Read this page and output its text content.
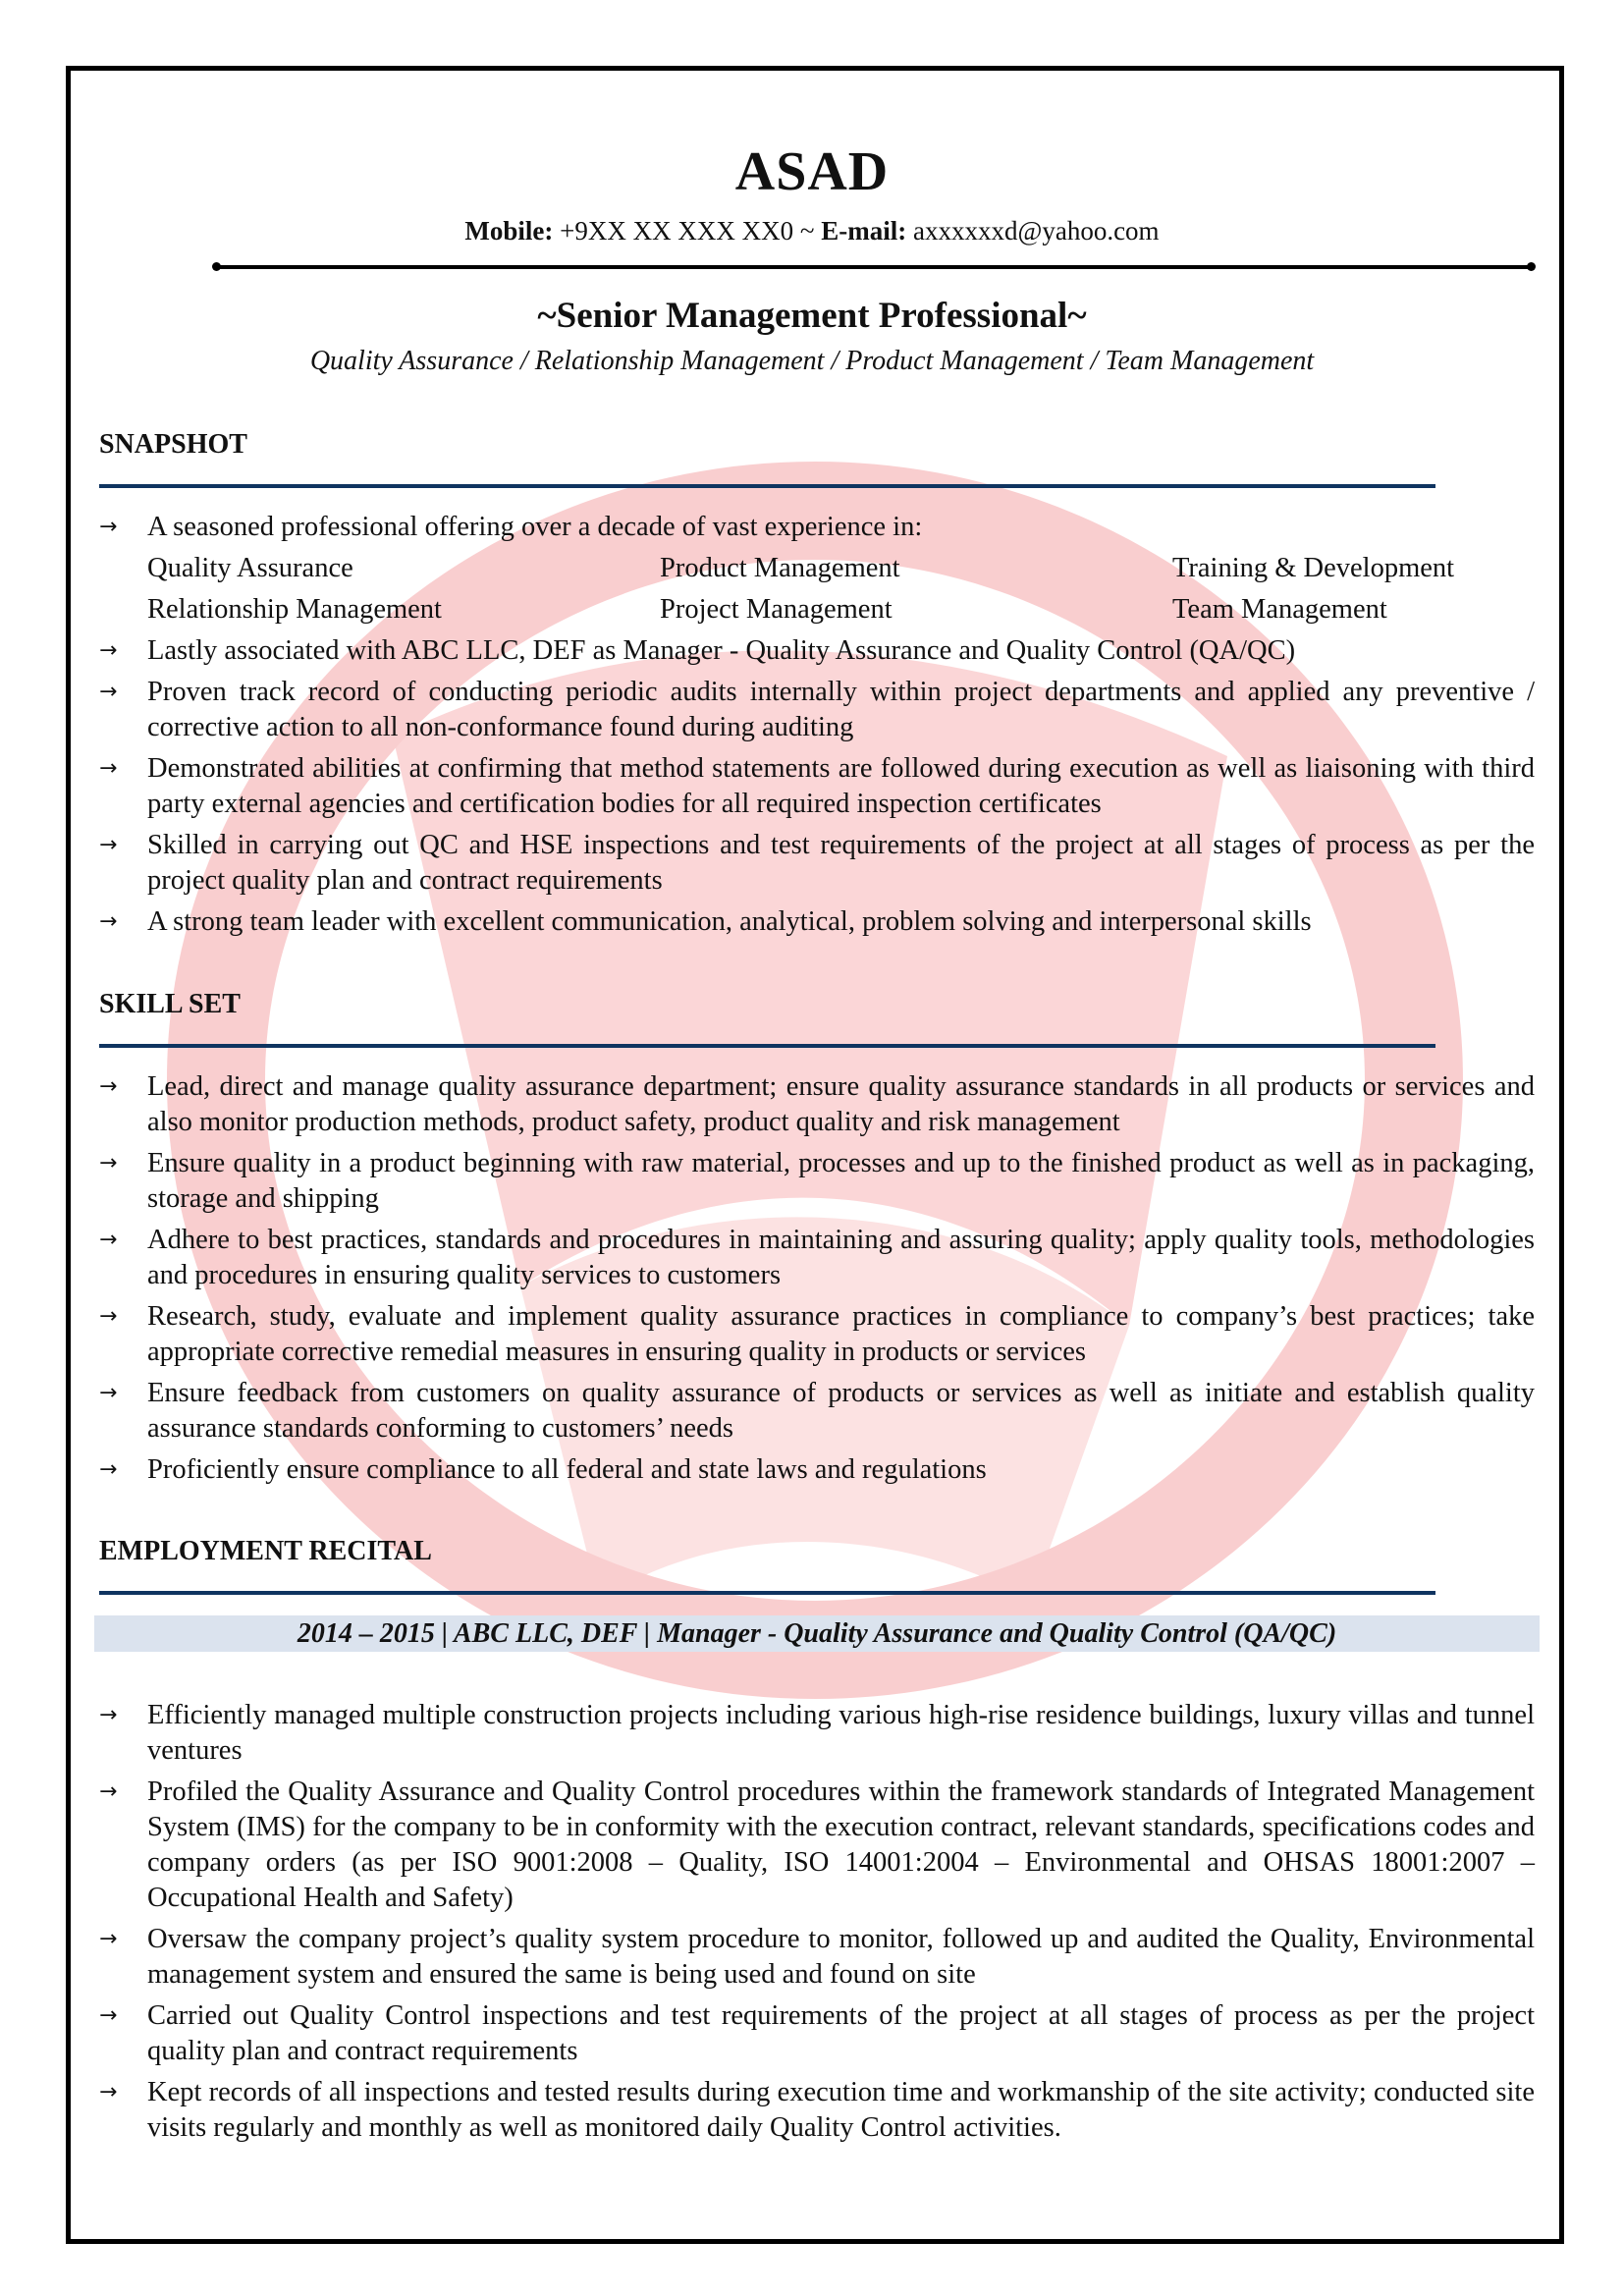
ASAD
Mobile: +9XX XX XXX XX0 ~ E-mail: axxxxxxd@yahoo.com
~Senior Management Professional~
Quality Assurance / Relationship Management / Product Management / Team Management
SNAPSHOT
→ A seasoned professional offering over a decade of vast experience in:
Quality Assurance	Product Management	Training & Development
Relationship Management	Project Management	Team Management
→ Lastly associated with ABC LLC, DEF as Manager - Quality Assurance and Quality Control (QA/QC)
→ Proven track record of conducting periodic audits internally within project departments and applied any preventive / corrective action to all non-conformance found during auditing
→ Demonstrated abilities at confirming that method statements are followed during execution as well as liaisoning with third party external agencies and certification bodies for all required inspection certificates
→ Skilled in carrying out QC and HSE inspections and test requirements of the project at all stages of process as per the project quality plan and contract requirements
→ A strong team leader with excellent communication, analytical, problem solving and interpersonal skills
SKILL SET
→ Lead, direct and manage quality assurance department; ensure quality assurance standards in all products or services and also monitor production methods, product safety, product quality and risk management
→ Ensure quality in a product beginning with raw material, processes and up to the finished product as well as in packaging, storage and shipping
→ Adhere to best practices, standards and procedures in maintaining and assuring quality; apply quality tools, methodologies and procedures in ensuring quality services to customers
→ Research, study, evaluate and implement quality assurance practices in compliance to company’s best practices; take appropriate corrective remedial measures in ensuring quality in products or services
→ Ensure feedback from customers on quality assurance of products or services as well as initiate and establish quality assurance standards conforming to customers’ needs
→ Proficiently ensure compliance to all federal and state laws and regulations
EMPLOYMENT RECITAL
2014 – 2015 | ABC LLC, DEF | Manager - Quality Assurance and Quality Control (QA/QC)
→ Efficiently managed multiple construction projects including various high-rise residence buildings, luxury villas and tunnel ventures
→ Profiled the Quality Assurance and Quality Control procedures within the framework standards of Integrated Management System (IMS) for the company to be in conformity with the execution contract, relevant standards, specifications codes and company orders (as per ISO 9001:2008 – Quality, ISO 14001:2004 – Environmental and OHSAS 18001:2007 – Occupational Health and Safety)
→ Oversaw the company project’s quality system procedure to monitor, followed up and audited the Quality, Environmental management system and ensured the same is being used and found on site
→ Carried out Quality Control inspections and test requirements of the project at all stages of process as per the project quality plan and contract requirements
→ Kept records of all inspections and tested results during execution time and workmanship of the site activity; conducted site visits regularly and monthly as well as monitored daily Quality Control activities.
